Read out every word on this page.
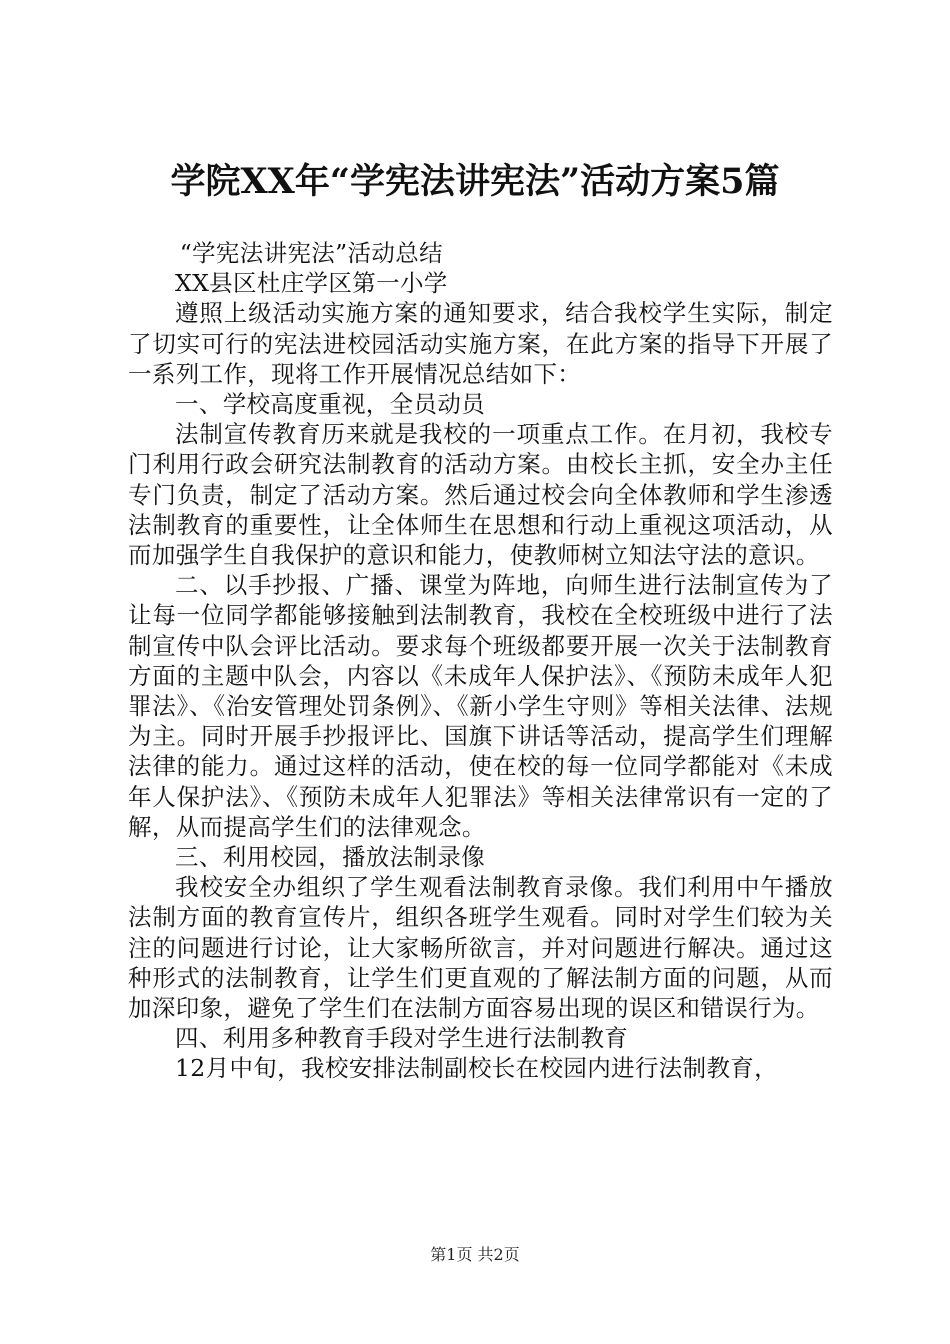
学院XX年“学宪法讲宪法”活动方案5篇

“学宪法讲宪法”活动总结

XX县区杜庄学区第一小学

遵照上级活动实施方案的通知要求，结合我校学生实际，制定了切实可行的宪法进校园活动实施方案，在此方案的指导下开展了一系列工作，现将工作开展情况总结如下：

一、学校高度重视，全员动员

法制宣传教育历来就是我校的一项重点工作。在月初，我校专门利用行政会研究法制教育的活动方案。由校长主抓，安全办主任专门负责，制定了活动方案。然后通过校会向全体教师和学生渗透法制教育的重要性，让全体师生在思想和行动上重视这项活动，从而加强学生自我保护的意识和能力，使教师树立知法守法的意识。

二、以手抄报、广播、课堂为阵地，向师生进行法制宣传为了让每一位同学都能够接触到法制教育，我校在全校班级中进行了法制宣传中队会评比活动。要求每个班级都要开展一次关于法制教育方面的主题中队会，内容以《未成年人保护法》、《预防未成年人犯罪法》、《治安管理处罚条例》、《新小学生守则》等相关法律、法规为主。同时开展手抄报评比、国旗下讲话等活动，提高学生们理解法律的能力。通过这样的活动，使在校的每一位同学都能对《未成年人保护法》、《预防未成年人犯罪法》等相关法律常识有一定的了解，从而提高学生们的法律观念。

三、利用校园，播放法制录像

我校安全办组织了学生观看法制教育录像。我们利用中午播放法制方面的教育宣传片，组织各班学生观看。同时对学生们较为关注的问题进行讨论，让大家畅所欲言，并对问题进行解决。通过这种形式的法制教育，让学生们更直观的了解法制方面的问题，从而加深印象，避免了学生们在法制方面容易出现的误区和错误行为。

四、利用多种教育手段对学生进行法制教育

12月中旬，我校安排法制副校长在校园内进行法制教育，

第1页 共2页
